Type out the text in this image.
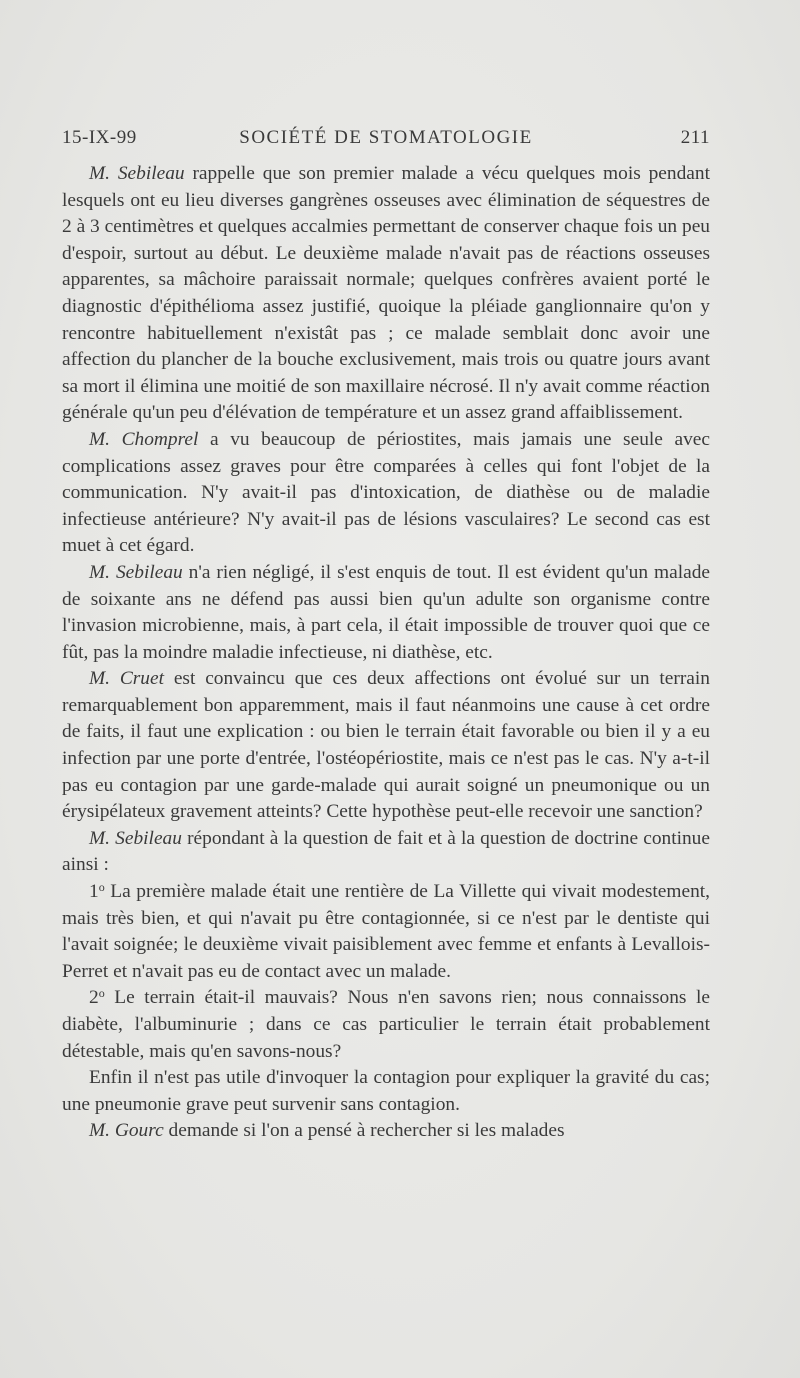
15-IX-99	SOCIÉTÉ DE STOMATOLOGIE	211

M. Sebileau rappelle que son premier malade a vécu quelques mois pendant lesquels ont eu lieu diverses gangrènes osseuses avec élimination de séquestres de 2 à 3 centimètres et quelques accalmies permettant de conserver chaque fois un peu d'espoir, surtout au début. Le deuxième malade n'avait pas de réactions osseuses apparentes, sa mâchoire paraissait normale; quelques confrères avaient porté le diagnostic d'épithélioma assez justifié, quoique la pléiade ganglionnaire qu'on y rencontre habituellement n'existât pas ; ce malade semblait donc avoir une affection du plancher de la bouche exclusivement, mais trois ou quatre jours avant sa mort il élimina une moitié de son maxillaire nécrosé. Il n'y avait comme réaction générale qu'un peu d'élévation de température et un assez grand affaiblissement.

M. Chomprel a vu beaucoup de périostites, mais jamais une seule avec complications assez graves pour être comparées à celles qui font l'objet de la communication. N'y avait-il pas d'intoxication, de diathèse ou de maladie infectieuse antérieure? N'y avait-il pas de lésions vasculaires? Le second cas est muet à cet égard.

M. Sebileau n'a rien négligé, il s'est enquis de tout. Il est évident qu'un malade de soixante ans ne défend pas aussi bien qu'un adulte son organisme contre l'invasion microbienne, mais, à part cela, il était impossible de trouver quoi que ce fût, pas la moindre maladie infectieuse, ni diathèse, etc.

M. Cruet est convaincu que ces deux affections ont évolué sur un terrain remarquablement bon apparemment, mais il faut néanmoins une cause à cet ordre de faits, il faut une explication : ou bien le terrain était favorable ou bien il y a eu infection par une porte d'entrée, l'ostéopériostite, mais ce n'est pas le cas. N'y a-t-il pas eu contagion par une garde-malade qui aurait soigné un pneumonique ou un érysipélateux gravement atteints? Cette hypothèse peut-elle recevoir une sanction?

M. Sebileau répondant à la question de fait et à la question de doctrine continue ainsi :

1$^o$ La première malade était une rentière de La Villette qui vivait modestement, mais très bien, et qui n'avait pu être contagionnée, si ce n'est par le dentiste qui l'avait soignée; le deuxième vivait paisiblement avec femme et enfants à Levallois-Perret et n'avait pas eu de contact avec un malade.

2$^o$ Le terrain était-il mauvais? Nous n'en savons rien; nous connaissons le diabète, l'albuminurie ; dans ce cas particulier le terrain était probablement détestable, mais qu'en savons-nous?

Enfin il n'est pas utile d'invoquer la contagion pour expliquer la gravité du cas; une pneumonie grave peut survenir sans contagion.

M. Gourc demande si l'on a pensé à rechercher si les malades
